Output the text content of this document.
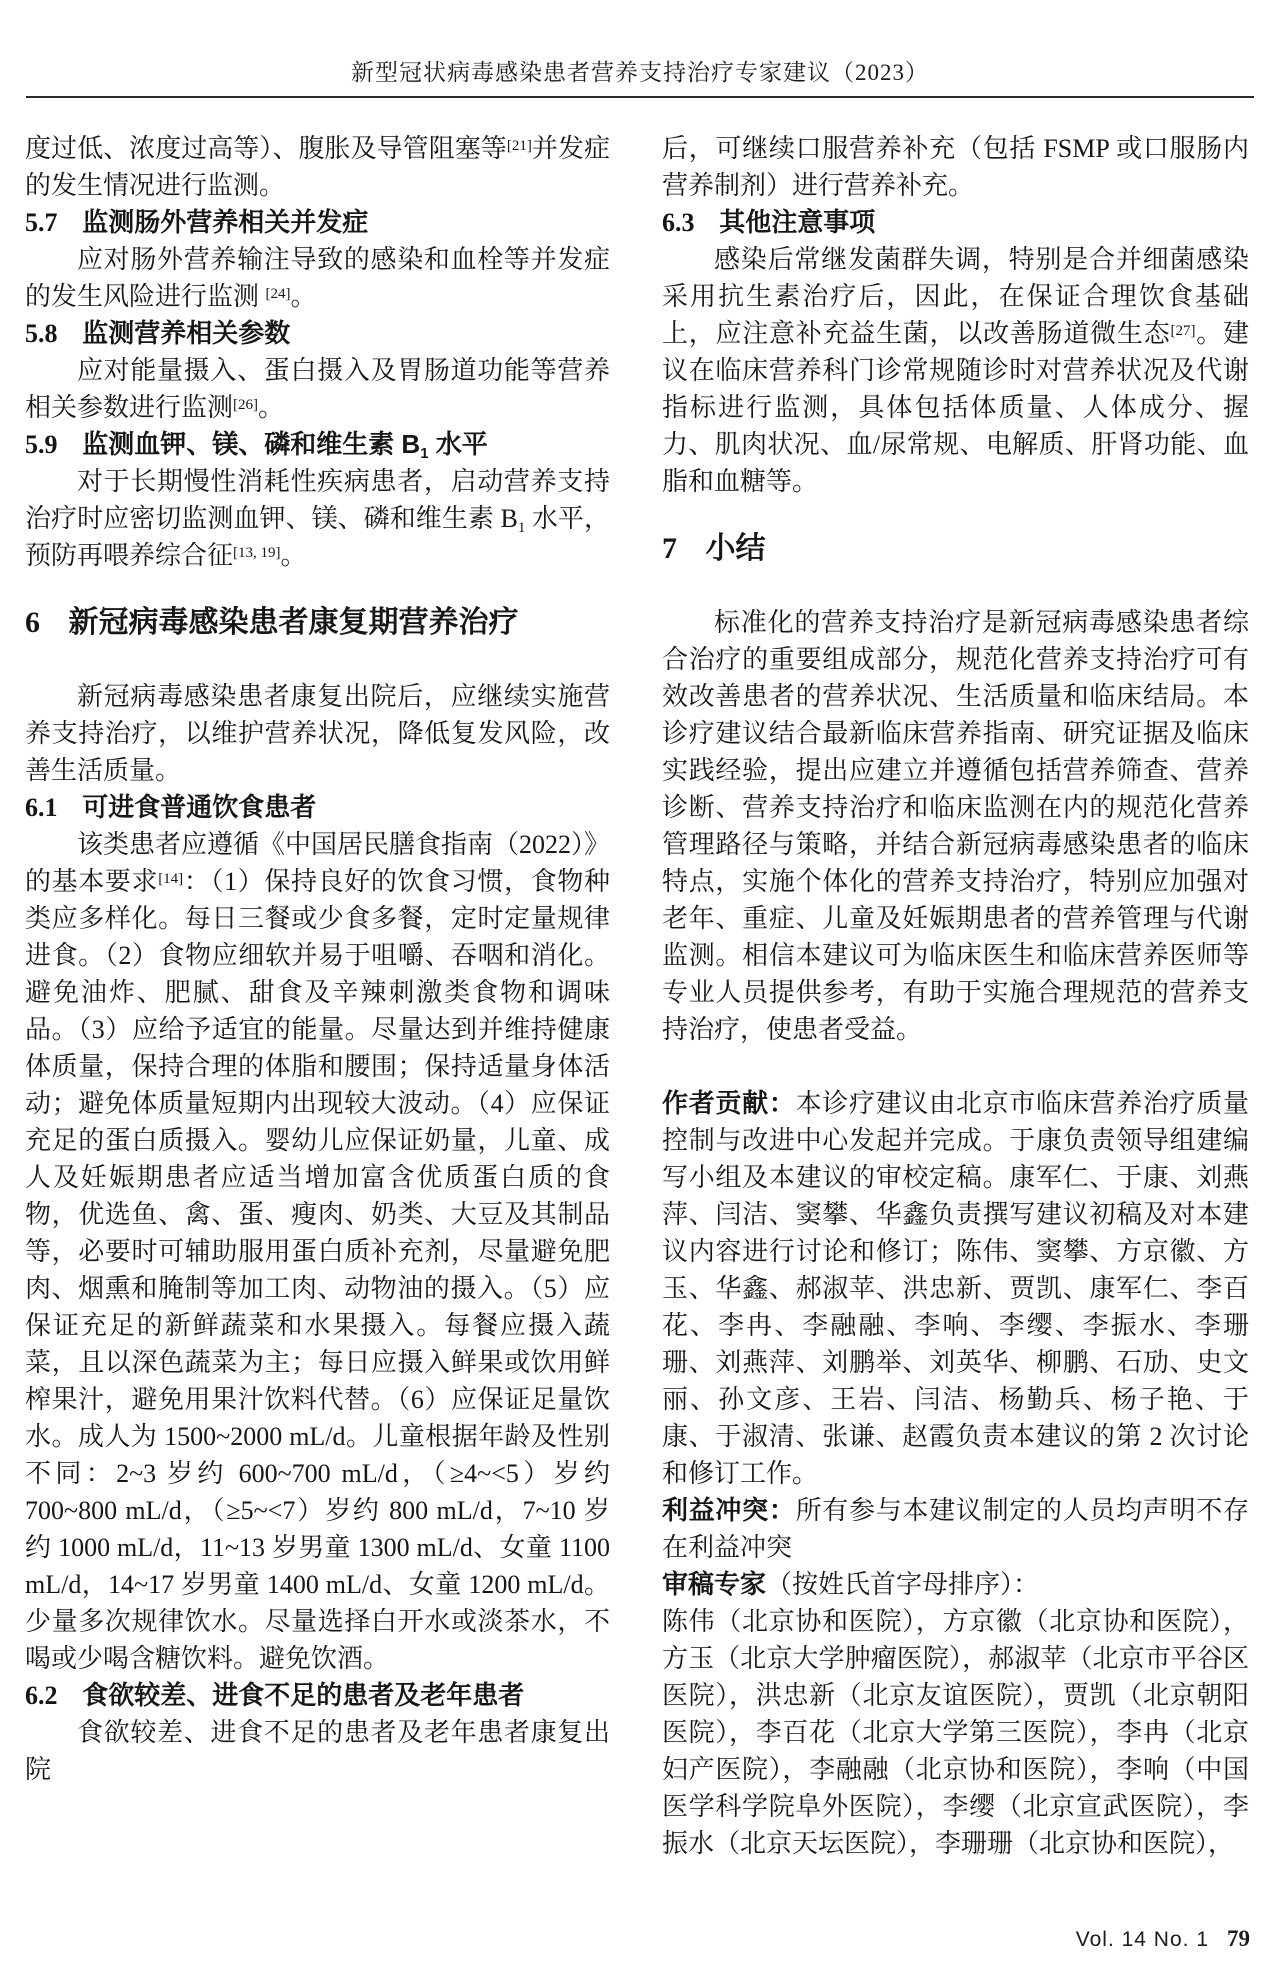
新型冠状病毒感染患者营养支持治疗专家建议（2023）

度过低、浓度过高等）、腹胀及导管阻塞等[21]并发症的发生情况进行监测。

5.7 监测肠外营养相关并发症

应对肠外营养输注导致的感染和血栓等并发症的发生风险进行监测 [24]。

5.8 监测营养相关参数

应对能量摄入、蛋白摄入及胃肠道功能等营养相关参数进行监测[26]。

5.9 监测血钾、镁、磷和维生素 $B_1$ 水平

对于长期慢性消耗性疾病患者，启动营养支持治疗时应密切监测血钾、镁、磷和维生素 $B_1$ 水平，预防再喂养综合征[13, 19]。

6 新冠病毒感染患者康复期营养治疗

新冠病毒感染患者康复出院后，应继续实施营养支持治疗，以维护营养状况，降低复发风险，改善生活质量。

6.1 可进食普通饮食患者

该类患者应遵循《中国居民膳食指南（2022）》的基本要求[14]：（1）保持良好的饮食习惯，食物种类应多样化。每日三餐或少食多餐，定时定量规律进食。（2）食物应细软并易于咀嚼、吞咽和消化。避免油炸、肥腻、甜食及辛辣刺激类食物和调味品。（3）应给予适宜的能量。尽量达到并维持健康体质量，保持合理的体脂和腰围；保持适量身体活动；避免体质量短期内出现较大波动。（4）应保证充足的蛋白质摄入。婴幼儿应保证奶量，儿童、成人及妊娠期患者应适当增加富含优质蛋白质的食物，优选鱼、禽、蛋、瘦肉、奶类、大豆及其制品等，必要时可辅助服用蛋白质补充剂，尽量避免肥肉、烟熏和腌制等加工肉、动物油的摄入。（5）应保证充足的新鲜蔬菜和水果摄入。每餐应摄入蔬菜，且以深色蔬菜为主；每日应摄入鲜果或饮用鲜榨果汁，避免用果汁饮料代替。（6）应保证足量饮水。成人为 1500~2000 mL/d。儿童根据年龄及性别不同：2~3 岁约 600~700 mL/d，（≥4~<5）岁约 700~800 mL/d，（≥5~<7）岁约 800 mL/d，7~10 岁约 1000 mL/d，11~13 岁男童 1300 mL/d、女童 1100 mL/d，14~17 岁男童 1400 mL/d、女童 1200 mL/d。少量多次规律饮水。尽量选择白开水或淡茶水，不喝或少喝含糖饮料。避免饮酒。

6.2 食欲较差、进食不足的患者及老年患者

食欲较差、进食不足的患者及老年患者康复出院

后，可继续口服营养补充（包括 FSMP 或口服肠内营养制剂）进行营养补充。

6.3 其他注意事项

感染后常继发菌群失调，特别是合并细菌感染采用抗生素治疗后，因此，在保证合理饮食基础上，应注意补充益生菌，以改善肠道微生态[27]。建议在临床营养科门诊常规随诊时对营养状况及代谢指标进行监测，具体包括体质量、人体成分、握力、肌肉状况、血/尿常规、电解质、肝肾功能、血脂和血糖等。

7 小结

标准化的营养支持治疗是新冠病毒感染患者综合治疗的重要组成部分，规范化营养支持治疗可有效改善患者的营养状况、生活质量和临床结局。本诊疗建议结合最新临床营养指南、研究证据及临床实践经验，提出应建立并遵循包括营养筛查、营养诊断、营养支持治疗和临床监测在内的规范化营养管理路径与策略，并结合新冠病毒感染患者的临床特点，实施个体化的营养支持治疗，特别应加强对老年、重症、儿童及妊娠期患者的营养管理与代谢监测。相信本建议可为临床医生和临床营养医师等专业人员提供参考，有助于实施合理规范的营养支持治疗，使患者受益。

作者贡献：本诊疗建议由北京市临床营养治疗质量控制与改进中心发起并完成。于康负责领导组建编写小组及本建议的审校定稿。康军仁、于康、刘燕萍、闫洁、窦攀、华鑫负责撰写建议初稿及对本建议内容进行讨论和修订；陈伟、窦攀、方京徽、方玉、华鑫、郝淑苹、洪忠新、贾凯、康军仁、李百花、李冉、李融融、李响、李缨、李振水、李珊珊、刘燕萍、刘鹏举、刘英华、柳鹏、石劢、史文丽、孙文彦、王岩、闫洁、杨勤兵、杨子艳、于康、于淑清、张谦、赵霞负责本建议的第 2 次讨论和修订工作。

利益冲突：所有参与本建议制定的人员均声明不存在利益冲突

审稿专家（按姓氏首字母排序）：

陈伟（北京协和医院），方京徽（北京协和医院），方玉（北京大学肿瘤医院），郝淑苹（北京市平谷区医院），洪忠新（北京友谊医院），贾凯（北京朝阳医院），李百花（北京大学第三医院），李冉（北京妇产医院），李融融（北京协和医院），李响（中国医学科学院阜外医院），李缨（北京宣武医院），李振水（北京天坛医院），李珊珊（北京协和医院），

Vol. 14 No. 1 79
